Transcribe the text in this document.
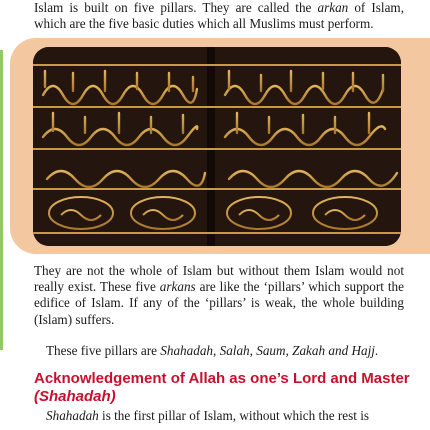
Islam is built on five pillars. They are called the arkan of Islam, which are the five basic duties which all Muslims must perform.

They are not the whole of Islam but without them Islam would not really exist. These five arkans are like the ‘pillars’ which support the edifice of Islam. If any of the ‘pillars’ is weak, the whole building (Islam) suffers.

These five pillars are Shahadah, Salah, Saum, Zakah and Hajj.

Acknowledgement of Allah as one’s Lord and Master (Shahadah)

Shahadah is the first pillar of Islam, without which the rest is
